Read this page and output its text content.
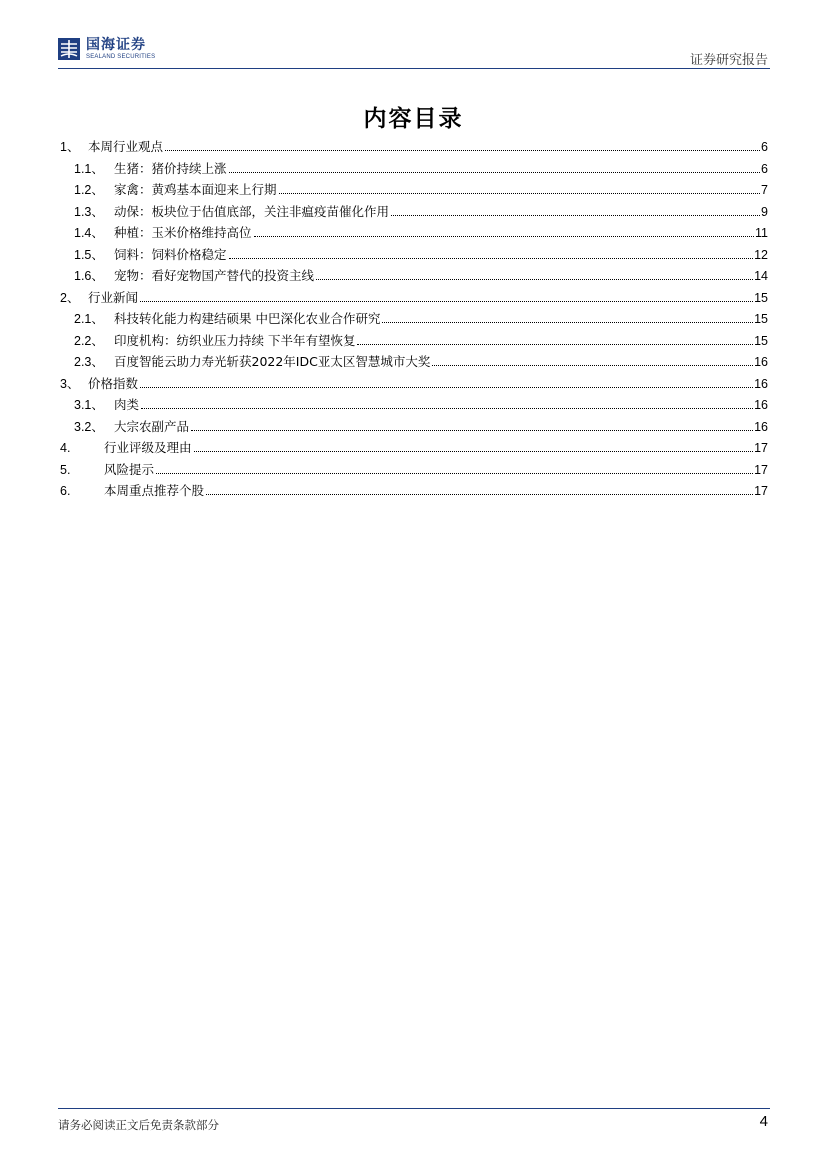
国海证券
SEALAND SECURITIES	证券研究报告
内容目录
1、 本周行业观点	6
1.1、 生猪：猪价持续上涨	6
1.2、 家禽：黄鸡基本面迎来上行期	7
1.3、 动保：板块位于估值底部，关注非瘟疫苗催化作用	9
1.4、 种植：玉米价格维持高位	11
1.5、 饲料：饲料价格稳定	12
1.6、 宠物：看好宠物国产替代的投资主线	14
2、 行业新闻	15
2.1、 科技转化能力构建结硕果 中巴深化农业合作研究	15
2.2、 印度机构：纺织业压力持续 下半年有望恢复	15
2.3、 百度智能云助力寿光斩获2022年IDC亚太区智慧城市大奖	16
3、 价格指数	16
3.1、 肉类	16
3.2、 大宗农副产品	16
4.	行业评级及理由	17
5.	风险提示	17
6.	本周重点推荐个股	17
请务必阅读正文后免责条款部分	4
